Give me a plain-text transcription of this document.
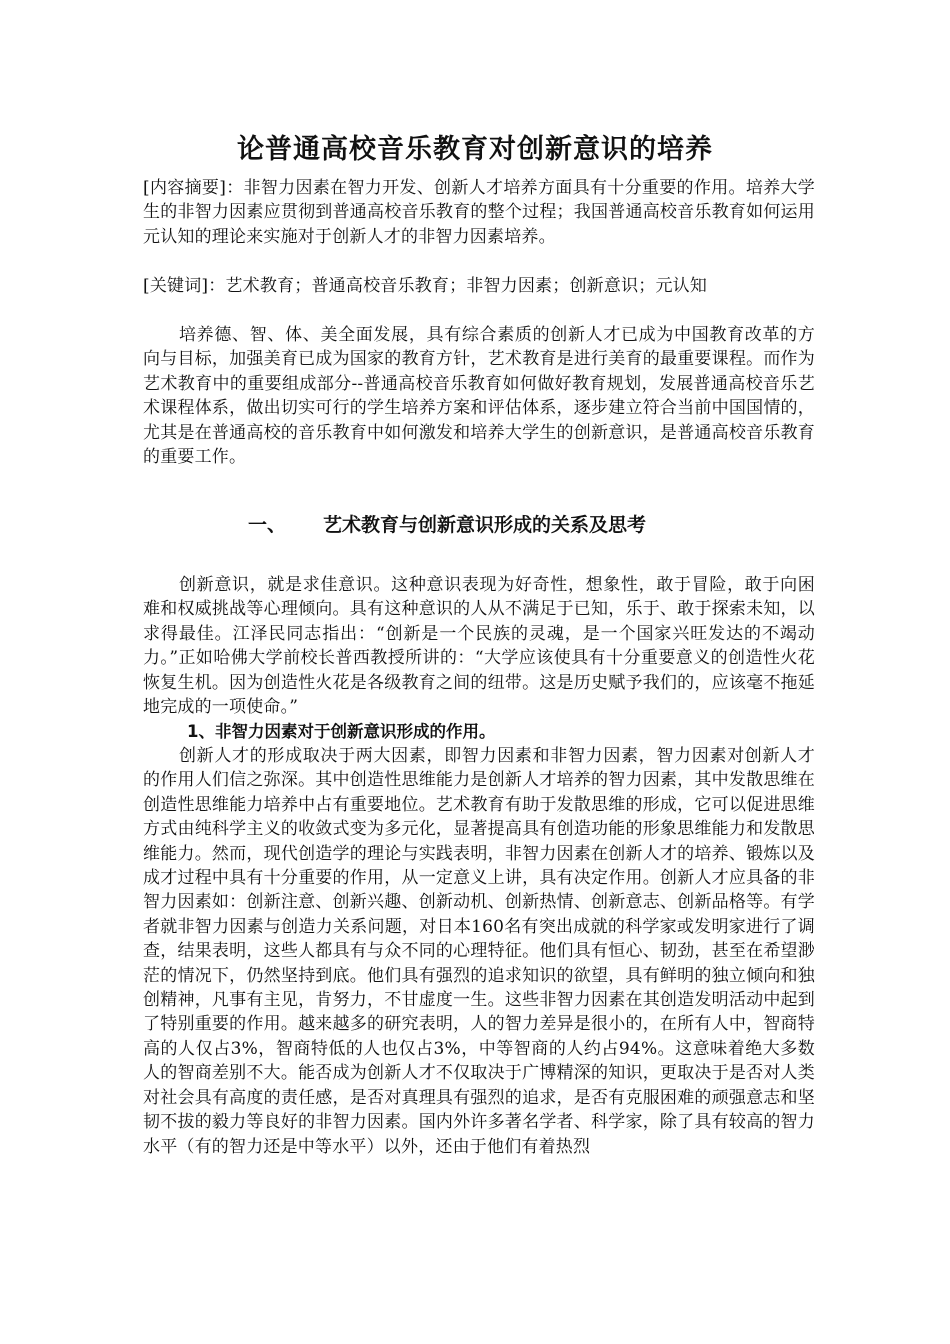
论普通高校音乐教育对创新意识的培养
[内容摘要]：非智力因素在智力开发、创新人才培养方面具有十分重要的作用。培养大学生的非智力因素应贯彻到普通高校音乐教育的整个过程；我国普通高校音乐教育如何运用元认知的理论来实施对于创新人才的非智力因素培养。
[关键词]：艺术教育；普通高校音乐教育；非智力因素；创新意识；元认知
培养德、智、体、美全面发展，具有综合素质的创新人才已成为中国教育改革的方向与目标，加强美育已成为国家的教育方针，艺术教育是进行美育的最重要课程。而作为艺术教育中的重要组成部分--普通高校音乐教育如何做好教育规划，发展普通高校音乐艺术课程体系，做出切实可行的学生培养方案和评估体系，逐步建立符合当前中国国情的，尤其是在普通高校的音乐教育中如何激发和培养大学生的创新意识，是普通高校音乐教育的重要工作。
一、 艺术教育与创新意识形成的关系及思考
创新意识，就是求佳意识。这种意识表现为好奇性，想象性，敢于冒险，敢于向困难和权威挑战等心理倾向。具有这种意识的人从不满足于已知，乐于、敢于探索未知，以求得最佳。江泽民同志指出：“创新是一个民族的灵魂，是一个国家兴旺发达的不竭动力。”正如哈佛大学前校长普西教授所讲的：“大学应该使具有十分重要意义的创造性火花恢复生机。因为创造性火花是各级教育之间的纽带。这是历史赋予我们的，应该毫不拖延地完成的一项使命。”
1、非智力因素对于创新意识形成的作用。
创新人才的形成取决于两大因素，即智力因素和非智力因素，智力因素对创新人才的作用人们信之弥深。其中创造性思维能力是创新人才培养的智力因素，其中发散思维在创造性思维能力培养中占有重要地位。艺术教育有助于发散思维的形成，它可以促进思维方式由纯科学主义的收敛式变为多元化，显著提高具有创造功能的形象思维能力和发散思维能力。然而，现代创造学的理论与实践表明，非智力因素在创新人才的培养、锻炼以及成才过程中具有十分重要的作用，从一定意义上讲，具有决定作用。创新人才应具备的非智力因素如：创新注意、创新兴趣、创新动机、创新热情、创新意志、创新品格等。有学者就非智力因素与创造力关系问题，对日本160名有突出成就的科学家或发明家进行了调查，结果表明，这些人都具有与众不同的心理特征。他们具有恒心、韧劲，甚至在希望渺茫的情况下，仍然坚持到底。他们具有强烈的追求知识的欲望，具有鲜明的独立倾向和独创精神，凡事有主见，肯努力，不甘虚度一生。这些非智力因素在其创造发明活动中起到了特别重要的作用。越来越多的研究表明，人的智力差异是很小的，在所有人中，智商特高的人仅占3%，智商特低的人也仅占3%，中等智商的人约占94%。这意味着绝大多数人的智商差别不大。能否成为创新人才不仅取决于广博精深的知识，更取决于是否对人类对社会具有高度的责任感，是否对真理具有强烈的追求，是否有克服困难的顽强意志和坚韧不拔的毅力等良好的非智力因素。国内外许多著名学者、科学家，除了具有较高的智力水平（有的智力还是中等水平）以外，还由于他们有着热烈
